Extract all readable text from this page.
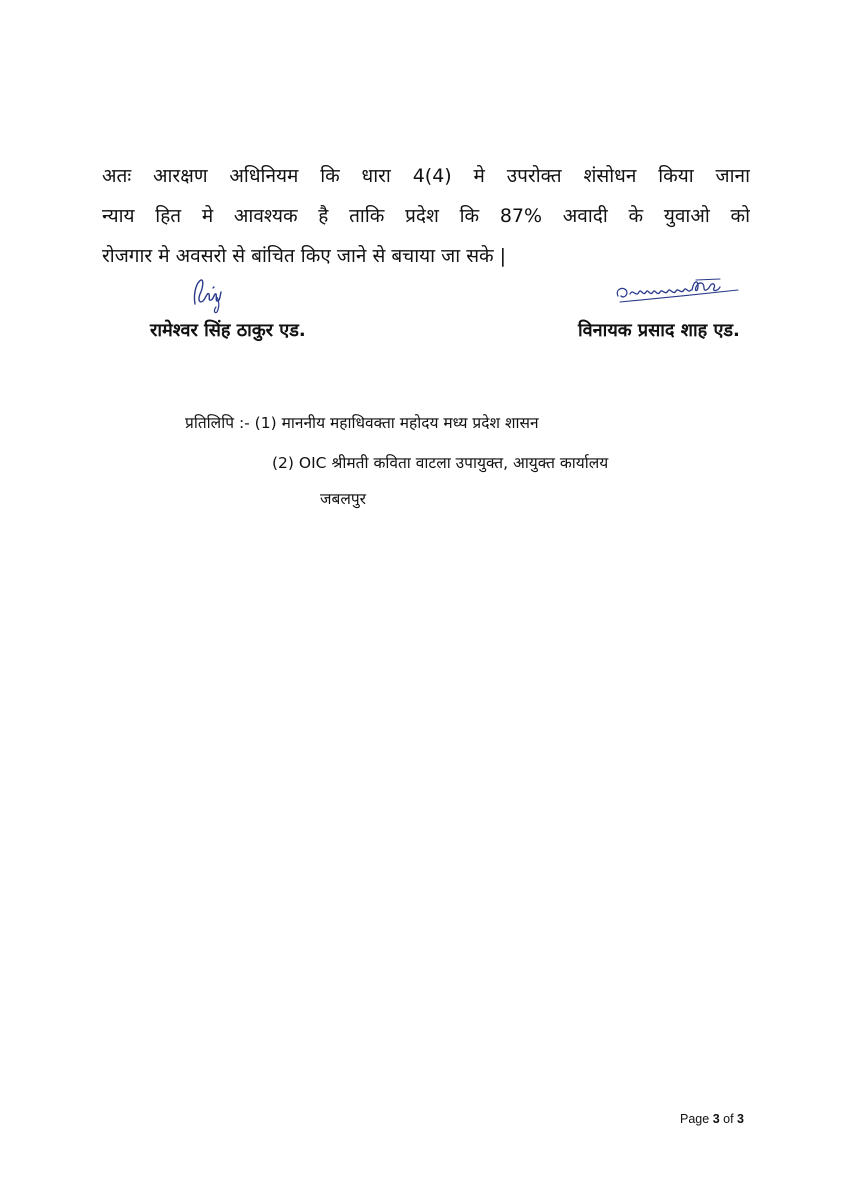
अतः आरक्षण अधिनियम कि धारा 4(4) मे उपरोक्त शंसोधन किया जाना
न्याय हित मे आवश्यक है ताकि प्रदेश कि 87% अवादी के युवाओ को
रोजगार मे अवसरो से बांचित किए जाने से बचाया जा सके |
रामेश्वर सिंह ठाकुर एड.	विनायक प्रसाद शाह एड.
प्रतिलिपि :- (1) माननीय महाधिवक्ता महोदय मध्य प्रदेश शासन
(2) OIC श्रीमती कविता वाटला उपायुक्त, आयुक्त कार्यालय
जबलपुर
Page 3 of 3
